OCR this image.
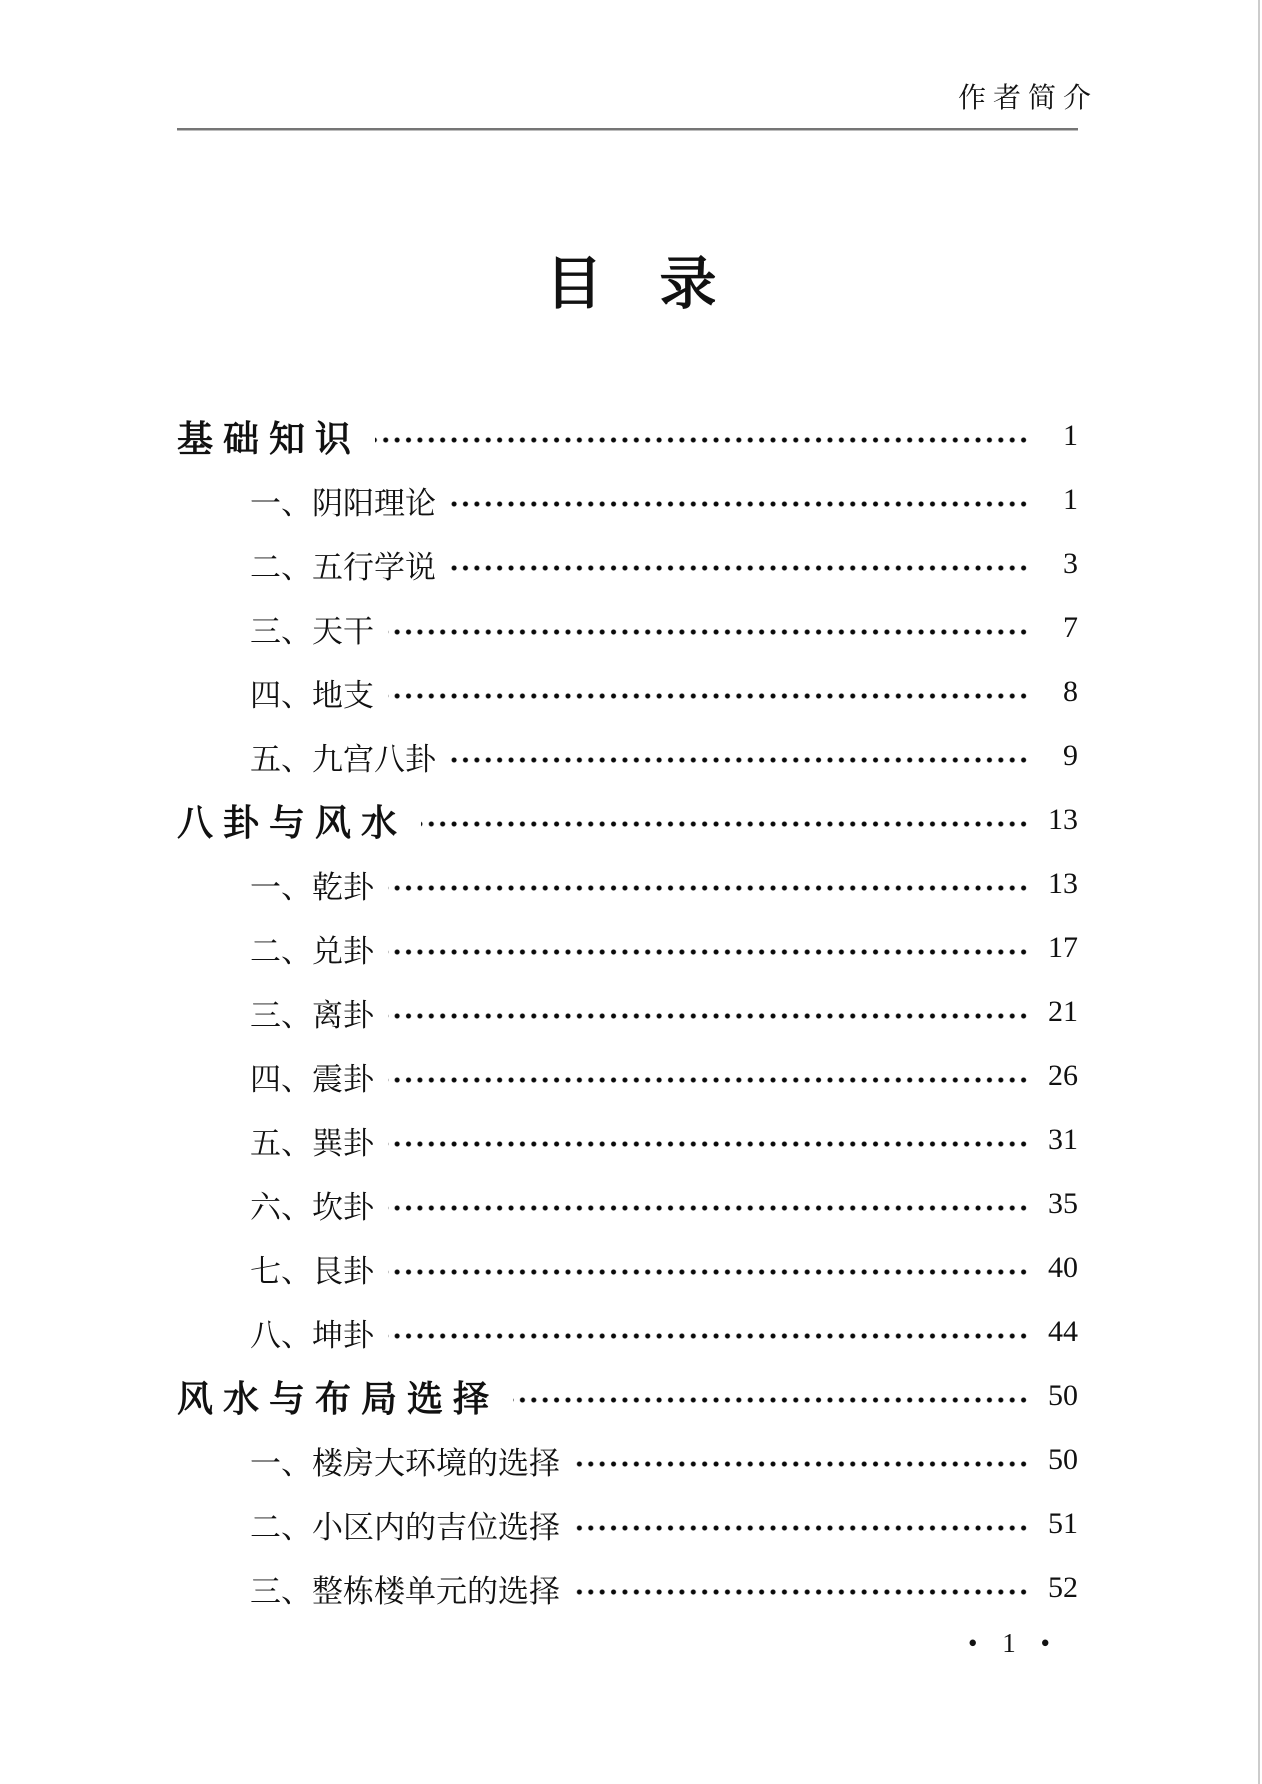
作者简介
目　录
基础知识	1
一、阴阳理论	1
二、五行学说	3
三、天干	7
四、地支	8
五、九宫八卦	9
八卦与风水	13
一、乾卦	13
二、兑卦	17
三、离卦	21
四、震卦	26
五、巽卦	31
六、坎卦	35
七、艮卦	40
八、坤卦	44
风水与布局选择	50
一、楼房大环境的选择	50
二、小区内的吉位选择	51
三、整栋楼单元的选择	52
• 1 •
